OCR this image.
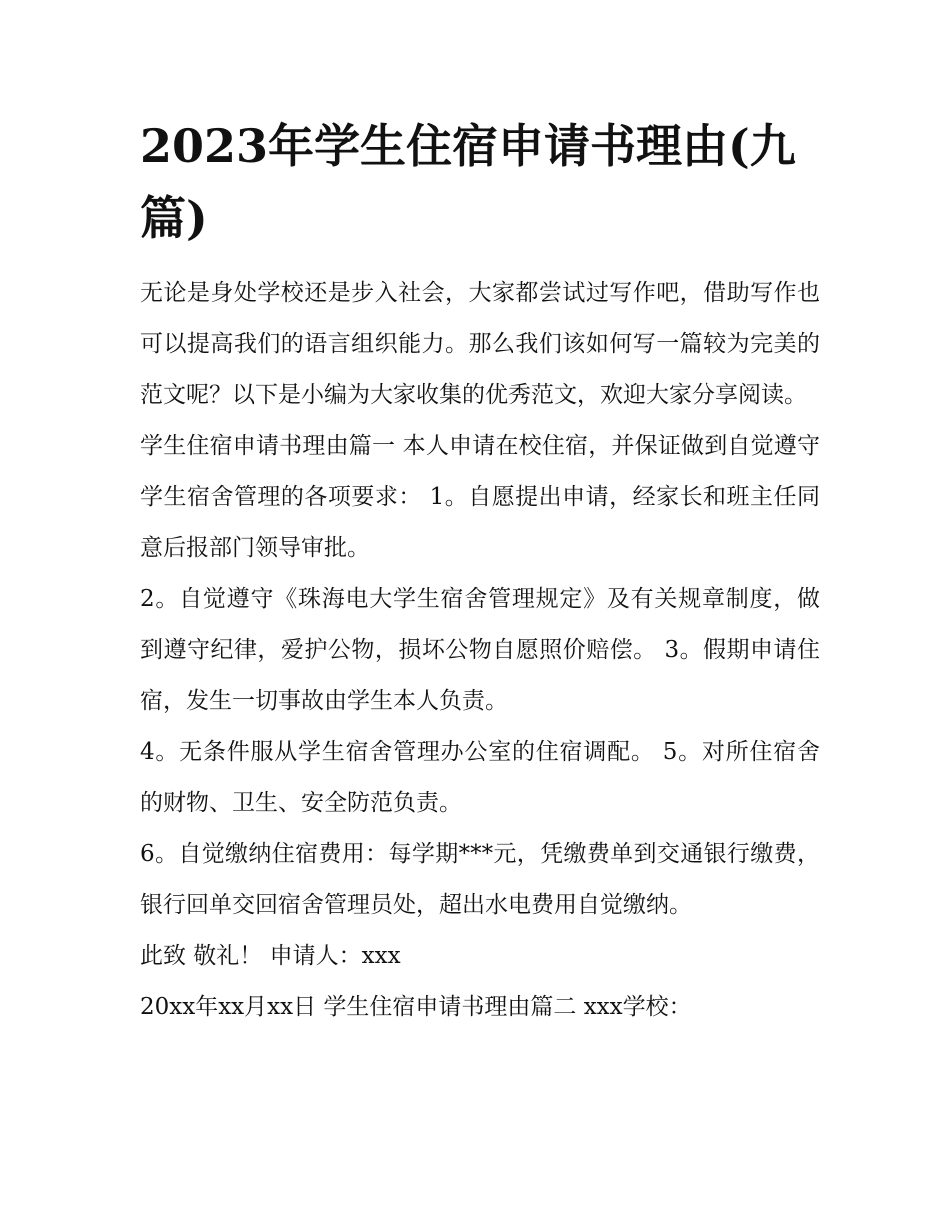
2023年学生住宿申请书理由(九篇)

无论是身处学校还是步入社会，大家都尝试过写作吧，借助写作也可以提高我们的语言组织能力。那么我们该如何写一篇较为完美的范文呢？以下是小编为大家收集的优秀范文，欢迎大家分享阅读。

学生住宿申请书理由篇一 本人申请在校住宿，并保证做到自觉遵守学生宿舍管理的各项要求： 1。自愿提出申请，经家长和班主任同意后报部门领导审批。

2。自觉遵守《珠海电大学生宿舍管理规定》及有关规章制度，做到遵守纪律，爱护公物，损坏公物自愿照价赔偿。 3。假期申请住宿，发生一切事故由学生本人负责。

4。无条件服从学生宿舍管理办公室的住宿调配。 5。对所住宿舍的财物、卫生、安全防范负责。

6。自觉缴纳住宿费用：每学期***元，凭缴费单到交通银行缴费，银行回单交回宿舍管理员处，超出水电费用自觉缴纳。

此致 敬礼！ 申请人：xxx

20xx年xx月xx日 学生住宿申请书理由篇二 xxx学校：
